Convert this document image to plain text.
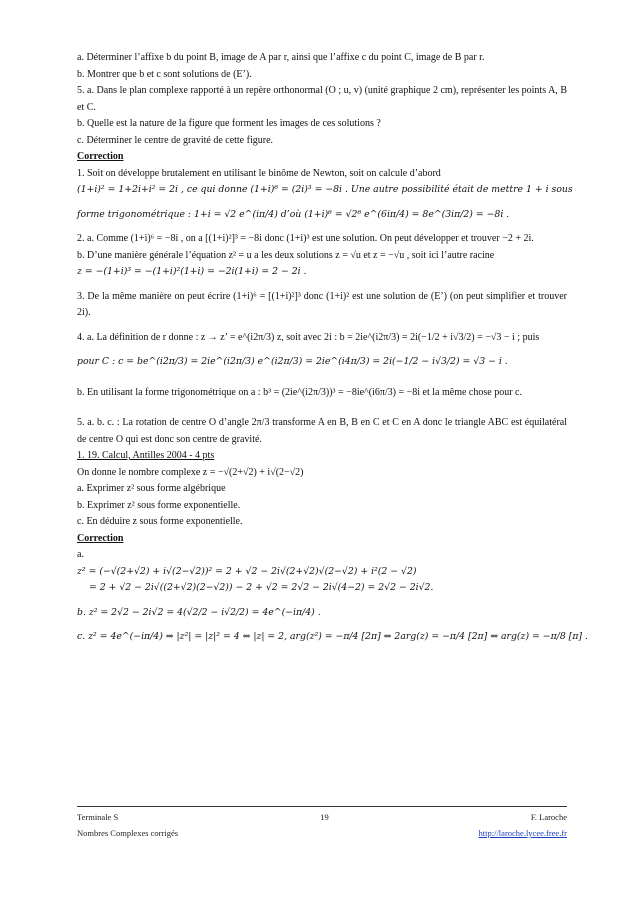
a. Déterminer l’affixe b du point B, image de A par r, ainsi que l’affixe c du point C, image de B par r.

b. Montrer que b et c sont solutions de (E’).

5. a. Dans le plan complexe rapporté à un repère orthonormal (O ; u, v) (unité graphique 2 cm), représenter les points A, B et C.

b. Quelle est la nature de la figure que forment les images de ces solutions ?

c. Déterminer le centre de gravité de cette figure.

Correction

1. Soit on développe brutalement en utilisant le binôme de Newton, soit on calcule d’abord

(1+i)² = 1+2i+i² = 2i , ce qui donne (1+i)⁶ = (2i)³ = −8i . Une autre possibilité était de mettre 1 + i sous

forme trigonométrique : 1+i = √2 e^(iπ/4) d’où (1+i)⁶ = √2⁶ e^(6iπ/4) = 8e^(3iπ/2) = −8i .

2. a. Comme (1+i)⁶ = −8i , on a [(1+i)²]³ = −8i donc (1+i)³ est une solution. On peut développer et trouver −2 + 2i.

b. D’une manière générale l’équation z² = u a les deux solutions z = √u et z = −√u , soit ici l’autre racine

z = −(1+i)³ = −(1+i)²(1+i) = −2i(1+i) = 2 − 2i .

3. De la même manière on peut écrire (1+i)⁶ = [(1+i)²]³ donc (1+i)² est une solution de (E’) (on peut simplifier et trouver 2i).

4. a. La définition de r donne : z → z’ = e^(i2π/3) z, soit avec 2i : b = 2ie^(i2π/3) = 2i(−1/2 + i√3/2) = −√3 − i ; puis

pour C : c = be^(i2π/3) = 2ie^(i2π/3) e^(i2π/3) = 2ie^(i4π/3) = 2i(−1/2 − i√3/2) = √3 − i .

b. En utilisant la forme trigonométrique on a : b³ = (2ie^(i2π/3))³ = −8ie^(i6π/3) = −8i et la même chose pour c.

5. a. b. c. : La rotation de centre O d’angle 2π/3 transforme A en B, B en C et C en A donc le triangle ABC est équilatéral de centre O qui est donc son centre de gravité.

1. 19. Calcul, Antilles 2004 - 4 pts

On donne le nombre complexe z = −√(2+√2) + i√(2−√2)

a. Exprimer z² sous forme algébrique

b. Exprimer z² sous forme exponentielle.

c. En déduire z sous forme exponentielle.

Correction

a.

z² = (−√(2+√2) + i√(2−√2))² = 2 + √2 − 2i√(2+√2)√(2−√2) + i²(2 − √2)

= 2 + √2 − 2i√((2+√2)(2−√2)) − 2 + √2 = 2√2 − 2i√(4−2) = 2√2 − 2i√2.

b. z² = 2√2 − 2i√2 = 4(√2/2 − i√2/2) = 4e^(−iπ/4) .

c. z² = 4e^(−iπ/4) ⇒ |z²| = |z|² = 4 ⇔ |z| = 2, arg(z²) = −π/4 [2π] ⇔ 2arg(z) = −π/4 [2π] ⇔ arg(z) = −π/8 [π] .

Terminale S	19	F. Laroche
Nombres Complexes corrigés	http://laroche.lycee.free.fr
